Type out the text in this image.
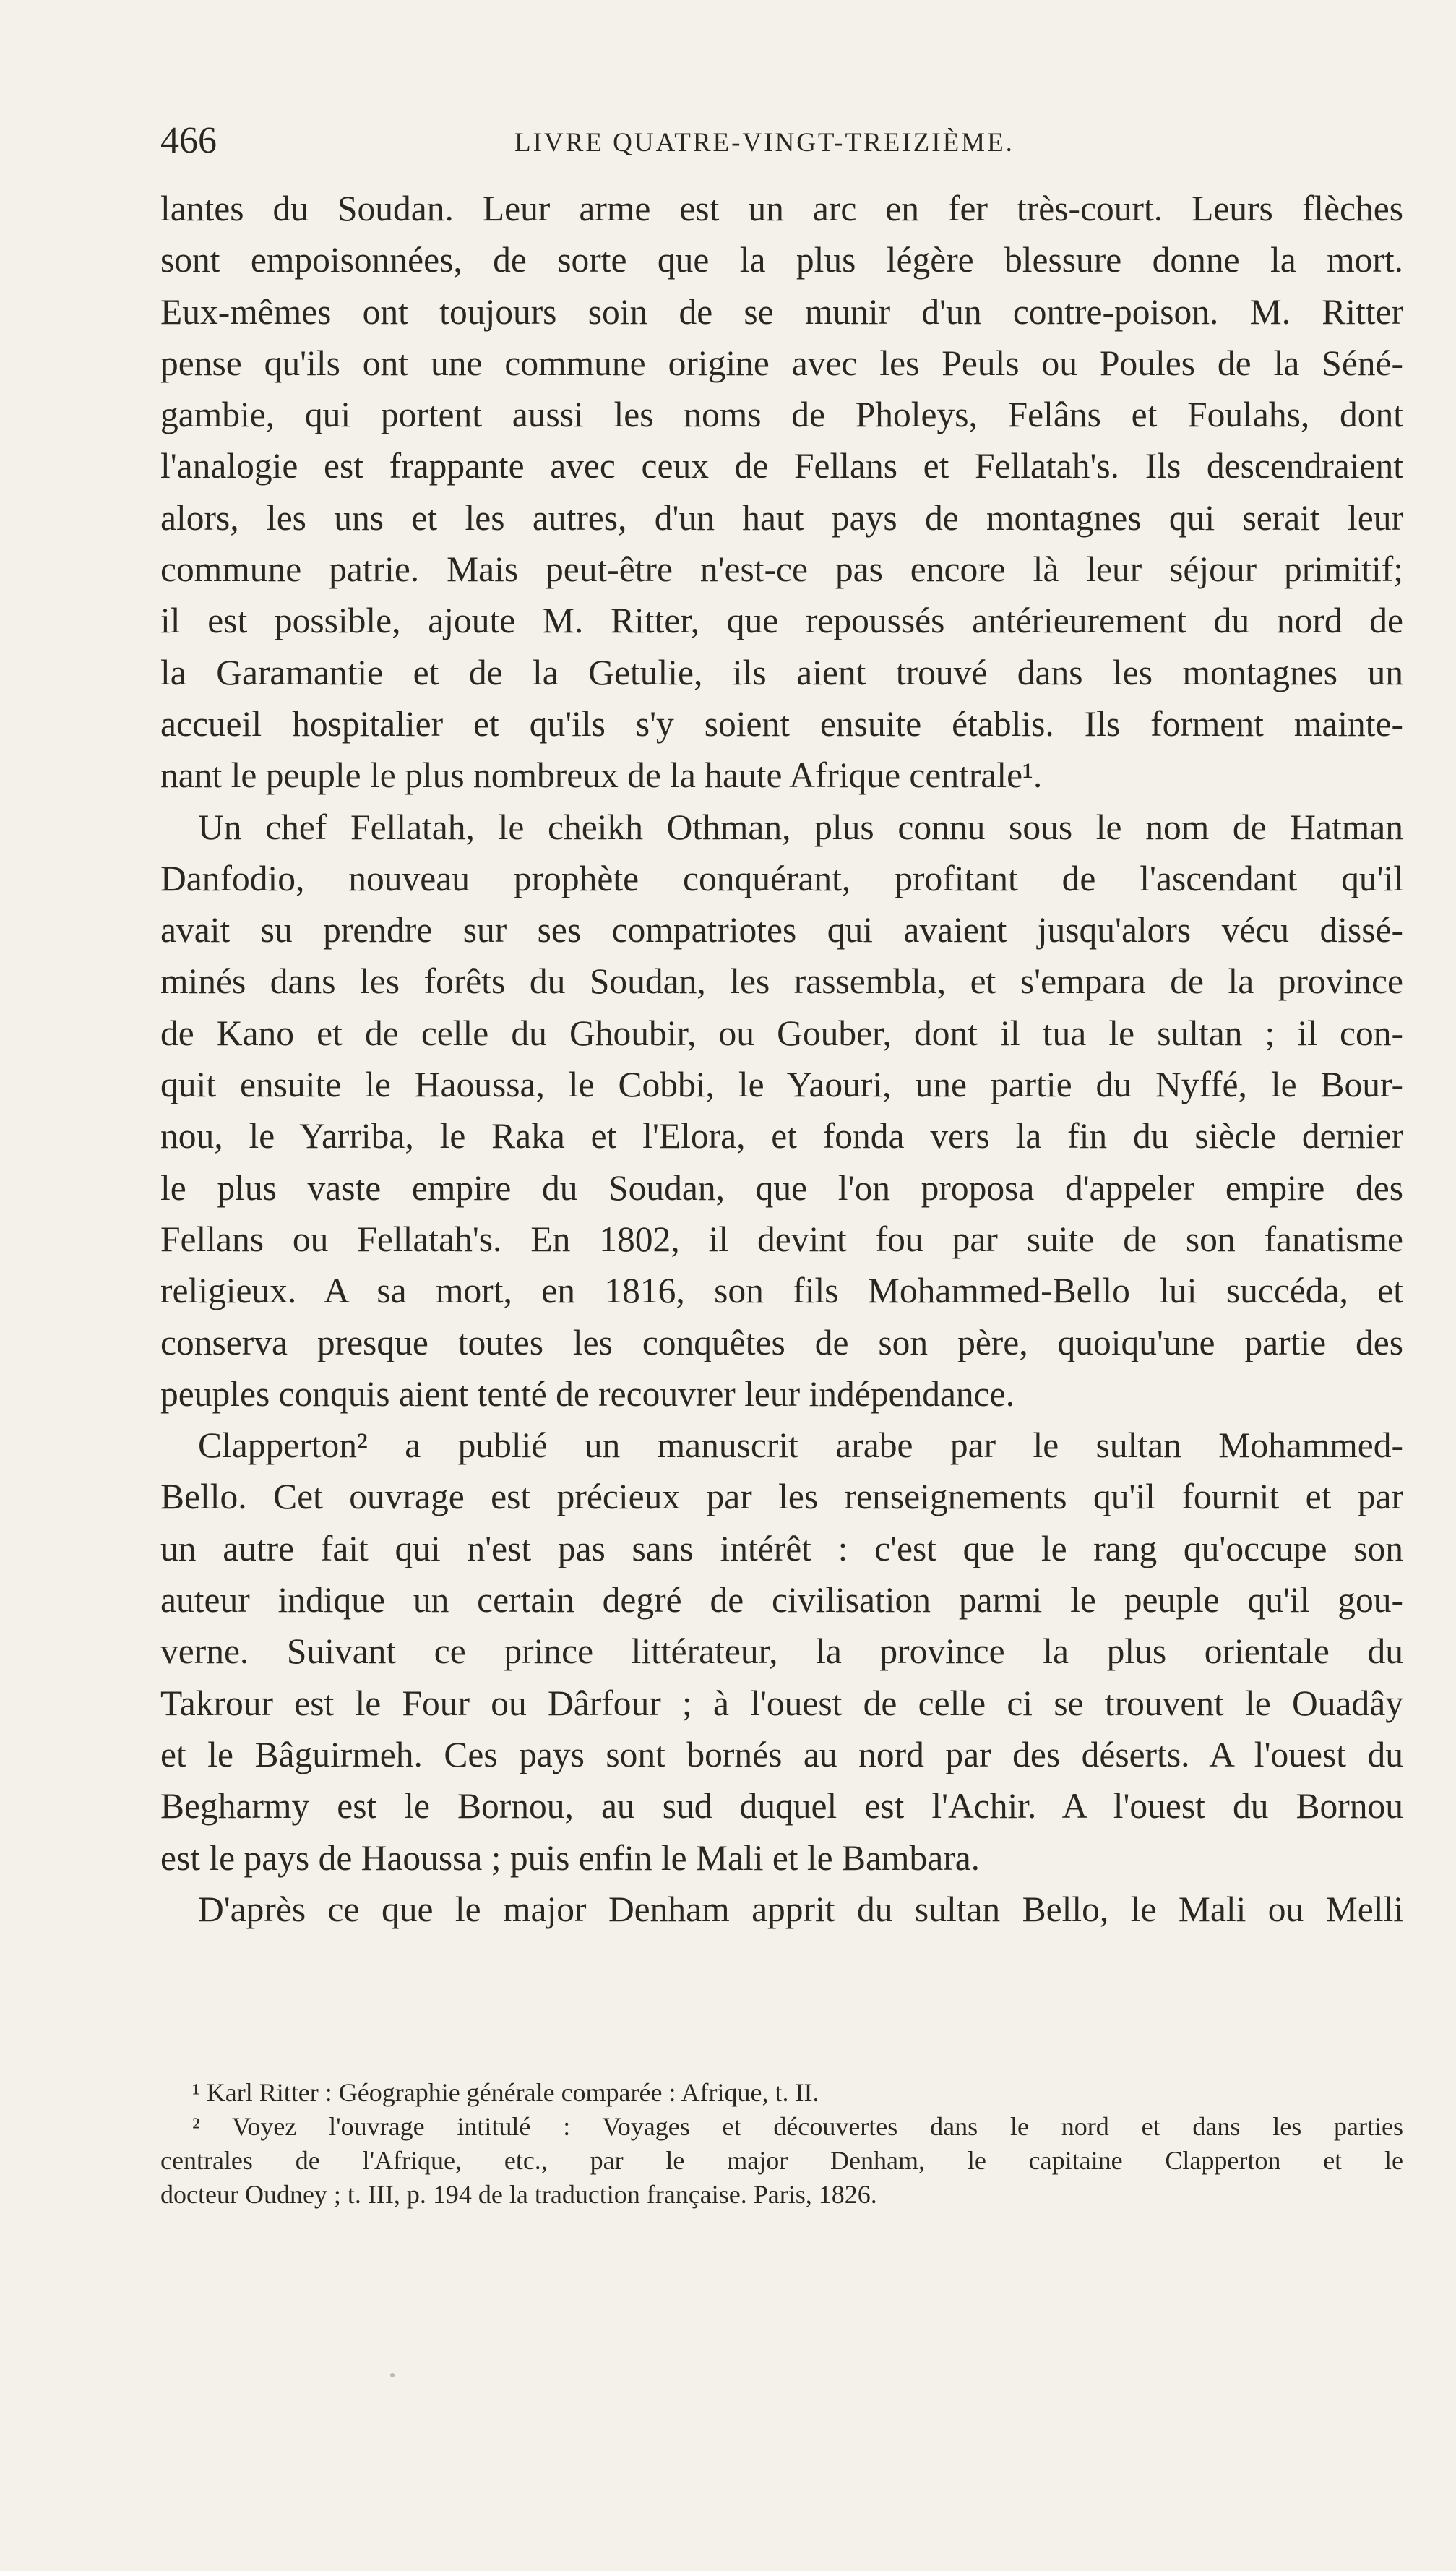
466	LIVRE QUATRE-VINGT-TREIZIÈME.
lantes du Soudan. Leur arme est un arc en fer très-court. Leurs flèches
sont empoisonnées, de sorte que la plus légère blessure donne la mort.
Eux-mêmes ont toujours soin de se munir d'un contre-poison. M. Ritter
pense qu'ils ont une commune origine avec les Peuls ou Poules de la Séné-
gambie, qui portent aussi les noms de Pholeys, Felâns et Foulahs, dont
l'analogie est frappante avec ceux de Fellans et Fellatah's. Ils descendraient
alors, les uns et les autres, d'un haut pays de montagnes qui serait leur
commune patrie. Mais peut-être n'est-ce pas encore là leur séjour primitif;
il est possible, ajoute M. Ritter, que repoussés antérieurement du nord de
la Garamantie et de la Getulie, ils aient trouvé dans les montagnes un
accueil hospitalier et qu'ils s'y soient ensuite établis. Ils forment mainte-
nant le peuple le plus nombreux de la haute Afrique centrale¹.
Un chef Fellatah, le cheikh Othman, plus connu sous le nom de Hatman
Danfodio, nouveau prophète conquérant, profitant de l'ascendant qu'il
avait su prendre sur ses compatriotes qui avaient jusqu'alors vécu dissé-
minés dans les forêts du Soudan, les rassembla, et s'empara de la province
de Kano et de celle du Ghoubir, ou Gouber, dont il tua le sultan ; il con-
quit ensuite le Haoussa, le Cobbi, le Yaouri, une partie du Nyffé, le Bour-
nou, le Yarriba, le Raka et l'Elora, et fonda vers la fin du siècle dernier
le plus vaste empire du Soudan, que l'on proposa d'appeler empire des
Fellans ou Fellatah's. En 1802, il devint fou par suite de son fanatisme
religieux. A sa mort, en 1816, son fils Mohammed-Bello lui succéda, et
conserva presque toutes les conquêtes de son père, quoiqu'une partie des
peuples conquis aient tenté de recouvrer leur indépendance.
Clapperton² a publié un manuscrit arabe par le sultan Mohammed-
Bello. Cet ouvrage est précieux par les renseignements qu'il fournit et par
un autre fait qui n'est pas sans intérêt : c'est que le rang qu'occupe son
auteur indique un certain degré de civilisation parmi le peuple qu'il gou-
verne. Suivant ce prince littérateur, la province la plus orientale du
Takrour est le Four ou Dârfour ; à l'ouest de celle ci se trouvent le Ouadây
et le Bâguirmeh. Ces pays sont bornés au nord par des déserts. A l'ouest du
Begharmy est le Bornou, au sud duquel est l'Achir. A l'ouest du Bornou
est le pays de Haoussa ; puis enfin le Mali et le Bambara.
D'après ce que le major Denham apprit du sultan Bello, le Mali ou Melli
¹ Karl Ritter : Géographie générale comparée : Afrique, t. II.
² Voyez l'ouvrage intitulé : Voyages et découvertes dans le nord et dans les parties
centrales de l'Afrique, etc., par le major Denham, le capitaine Clapperton et le
docteur Oudney ; t. III, p. 194 de la traduction française. Paris, 1826.
